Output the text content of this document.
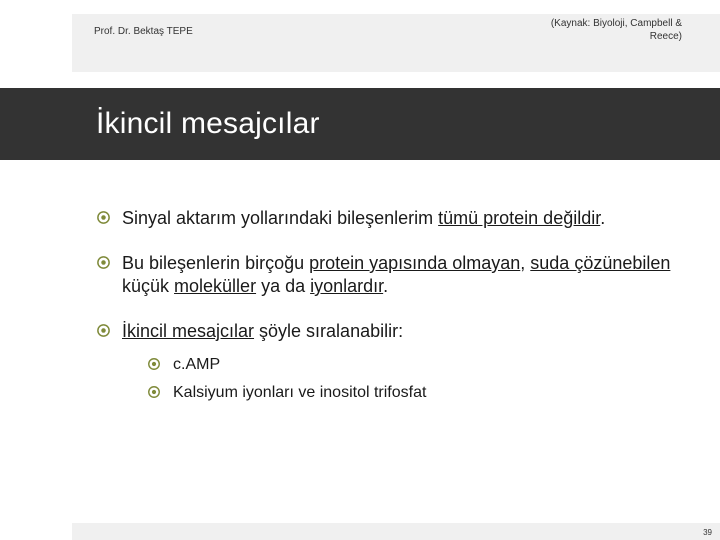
Prof. Dr. Bektaş TEPE
(Kaynak: Biyoloji, Campbell &
Reece)
İkincil mesajcılar
Sinyal aktarım yollarındaki bileşenlerim tümü protein değildir.
Bu bileşenlerin birçoğu protein yapısında olmayan, suda çözünebilen küçük moleküller ya da iyonlardır.
İkincil mesajcılar şöyle sıralanabilir:
c.AMP
Kalsiyum iyonları ve inositol trifosfat
39
